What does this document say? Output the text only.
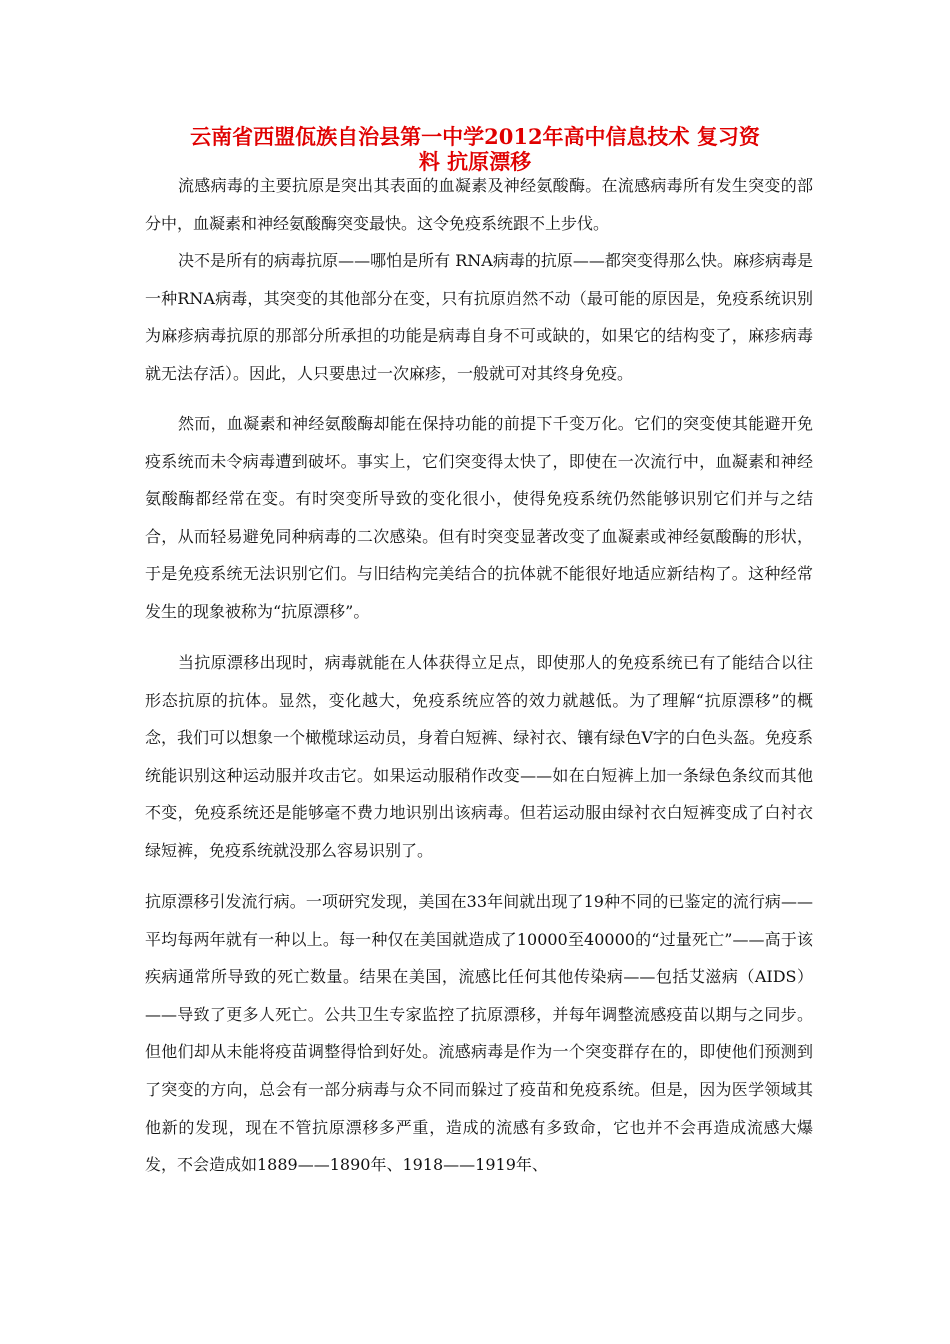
云南省西盟佤族自治县第一中学2012年高中信息技术 复习资
料 抗原漂移

流感病毒的主要抗原是突出其表面的血凝素及神经氨酸酶。在流感病毒所有发生突变的部分中，血凝素和神经氨酸酶突变最快。这令免疫系统跟不上步伐。

决不是所有的病毒抗原——哪怕是所有 RNA病毒的抗原——都突变得那么快。麻疹病毒是一种RNA病毒，其突变的其他部分在变，只有抗原岿然不动（最可能的原因是，免疫系统识别为麻疹病毒抗原的那部分所承担的功能是病毒自身不可或缺的，如果它的结构变了，麻疹病毒就无法存活）。因此，人只要患过一次麻疹，一般就可对其终身免疫。

然而，血凝素和神经氨酸酶却能在保持功能的前提下千变万化。它们的突变使其能避开免疫系统而未令病毒遭到破坏。事实上，它们突变得太快了，即使在一次流行中，血凝素和神经氨酸酶都经常在变。有时突变所导致的变化很小，使得免疫系统仍然能够识别它们并与之结合，从而轻易避免同种病毒的二次感染。但有时突变显著改变了血凝素或神经氨酸酶的形状，于是免疫系统无法识别它们。与旧结构完美结合的抗体就不能很好地适应新结构了。这种经常发生的现象被称为“抗原漂移”。

当抗原漂移出现时，病毒就能在人体获得立足点，即使那人的免疫系统已有了能结合以往形态抗原的抗体。显然，变化越大，免疫系统应答的效力就越低。为了理解“抗原漂移”的概念，我们可以想象一个橄榄球运动员，身着白短裤、绿衬衣、镶有绿色V字的白色头盔。免疫系统能识别这种运动服并攻击它。如果运动服稍作改变——如在白短裤上加一条绿色条纹而其他不变，免疫系统还是能够毫不费力地识别出该病毒。但若运动服由绿衬衣白短裤变成了白衬衣绿短裤，免疫系统就没那么容易识别了。

抗原漂移引发流行病。一项研究发现，美国在33年间就出现了19种不同的已鉴定的流行病——平均每两年就有一种以上。每一种仅在美国就造成了10000至40000的“过量死亡”——高于该疾病通常所导致的死亡数量。结果在美国，流感比任何其他传染病——包括艾滋病（AIDS）——导致了更多人死亡。公共卫生专家监控了抗原漂移，并每年调整流感疫苗以期与之同步。但他们却从未能将疫苗调整得恰到好处。流感病毒是作为一个突变群存在的，即使他们预测到了突变的方向，总会有一部分病毒与众不同而躲过了疫苗和免疫系统。但是，因为医学领域其他新的发现，现在不管抗原漂移多严重，造成的流感有多致命，它也并不会再造成流感大爆发，不会造成如1889——1890年、1918——1919年、
